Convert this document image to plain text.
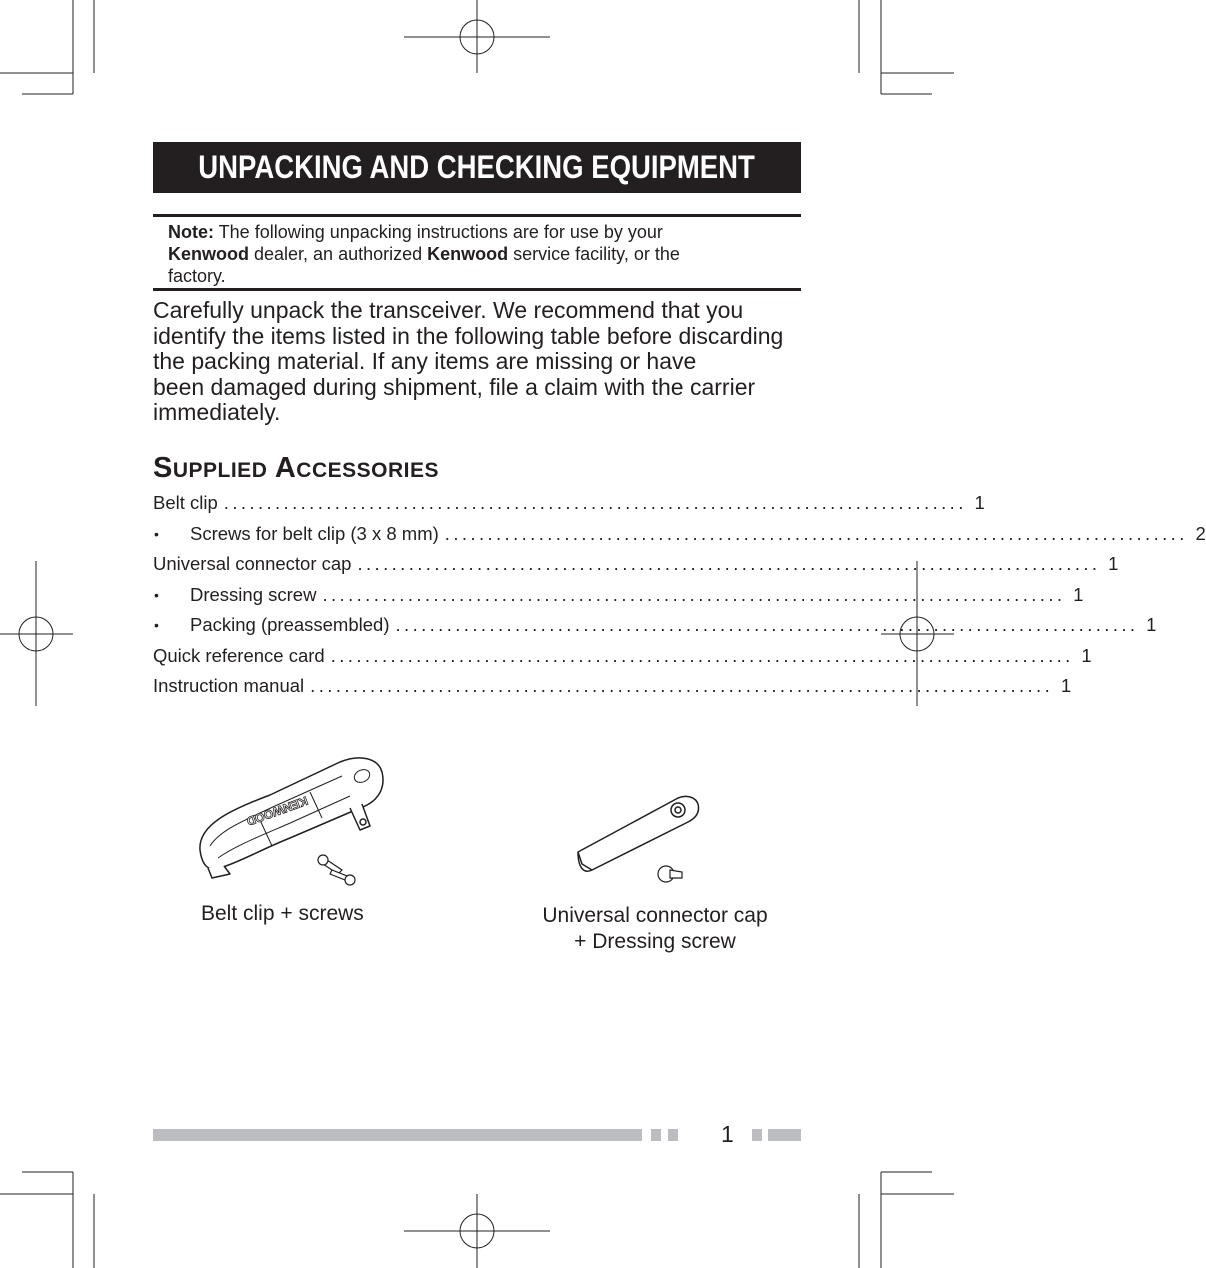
UNPACKING AND CHECKING EQUIPMENT
Note: The following unpacking instructions are for use by your
Kenwood dealer, an authorized Kenwood service facility, or the
factory.
Carefully unpack the transceiver. We recommend that you
identify the items listed in the following table before discarding
the packing material. If any items are missing or have
been damaged during shipment, file a claim with the carrier
immediately.
SUPPLIED ACCESSORIES
Belt clip ....................................................................................... 1
•	Screws for belt clip (3 x 8 mm) ....................................................................................... 2
Universal connector cap ....................................................................................... 1
•	Dressing screw ....................................................................................... 1
•	Packing (preassembled) ....................................................................................... 1
Quick reference card ....................................................................................... 1
Instruction manual ....................................................................................... 1
KENWOOD
Belt clip + screws	Universal connector cap
+ Dressing screw
1
